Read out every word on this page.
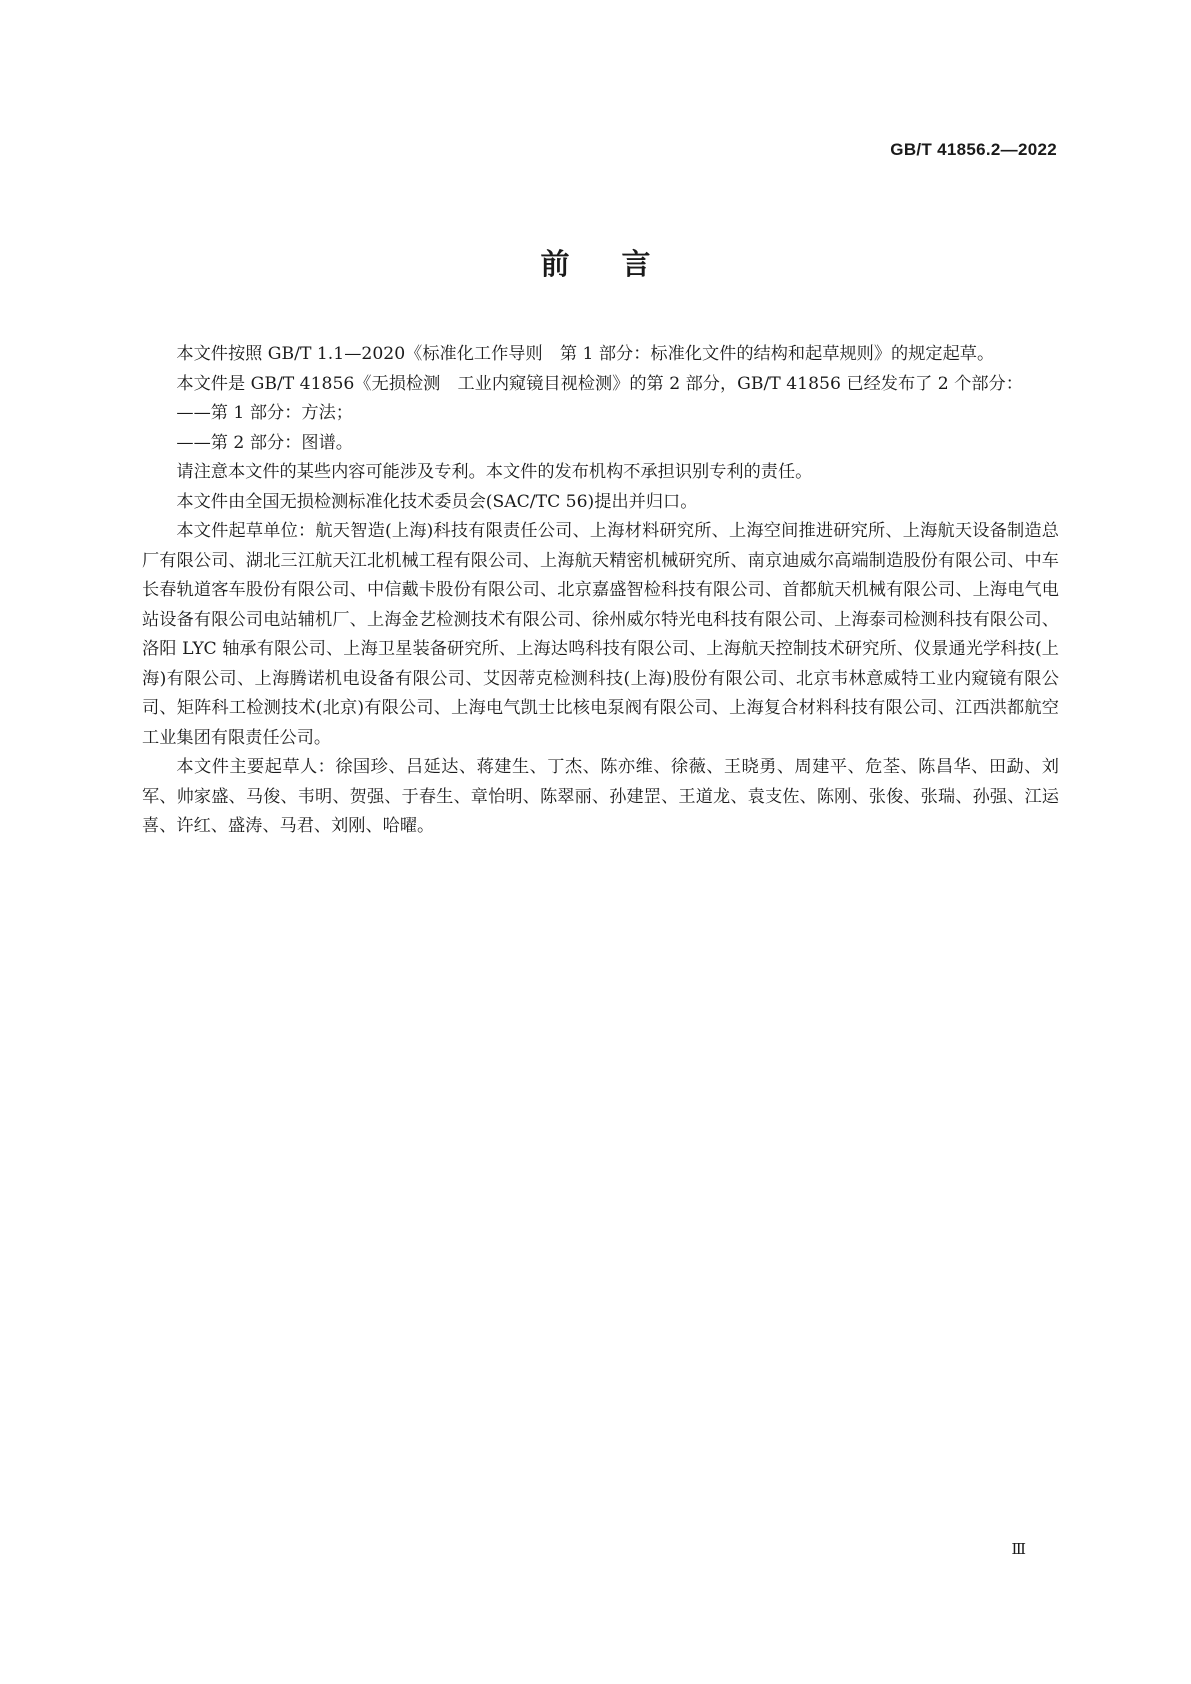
GB/T 41856.2—2022
前 言

本文件按照 GB/T 1.1—2020《标准化工作导则　第 1 部分：标准化文件的结构和起草规则》的规定起草。

本文件是 GB/T 41856《无损检测　工业内窥镜目视检测》的第 2 部分，GB/T 41856 已经发布了 2 个部分：

——第 1 部分：方法；

——第 2 部分：图谱。

请注意本文件的某些内容可能涉及专利。本文件的发布机构不承担识别专利的责任。

本文件由全国无损检测标准化技术委员会(SAC/TC 56)提出并归口。

本文件起草单位：航天智造(上海)科技有限责任公司、上海材料研究所、上海空间推进研究所、上海航天设备制造总厂有限公司、湖北三江航天江北机械工程有限公司、上海航天精密机械研究所、南京迪威尔高端制造股份有限公司、中车长春轨道客车股份有限公司、中信戴卡股份有限公司、北京嘉盛智检科技有限公司、首都航天机械有限公司、上海电气电站设备有限公司电站辅机厂、上海金艺检测技术有限公司、徐州威尔特光电科技有限公司、上海泰司检测科技有限公司、洛阳 LYC 轴承有限公司、上海卫星装备研究所、上海达鸣科技有限公司、上海航天控制技术研究所、仪景通光学科技(上海)有限公司、上海腾诺机电设备有限公司、艾因蒂克检测科技(上海)股份有限公司、北京韦林意威特工业内窥镜有限公司、矩阵科工检测技术(北京)有限公司、上海电气凯士比核电泵阀有限公司、上海复合材料科技有限公司、江西洪都航空工业集团有限责任公司。

本文件主要起草人：徐国珍、吕延达、蒋建生、丁杰、陈亦维、徐薇、王晓勇、周建平、危荃、陈昌华、田勐、刘军、帅家盛、马俊、韦明、贺强、于春生、章怡明、陈翠丽、孙建罡、王道龙、袁支佐、陈刚、张俊、张瑞、孙强、江运喜、许红、盛涛、马君、刘刚、哈曜。

Ⅲ
